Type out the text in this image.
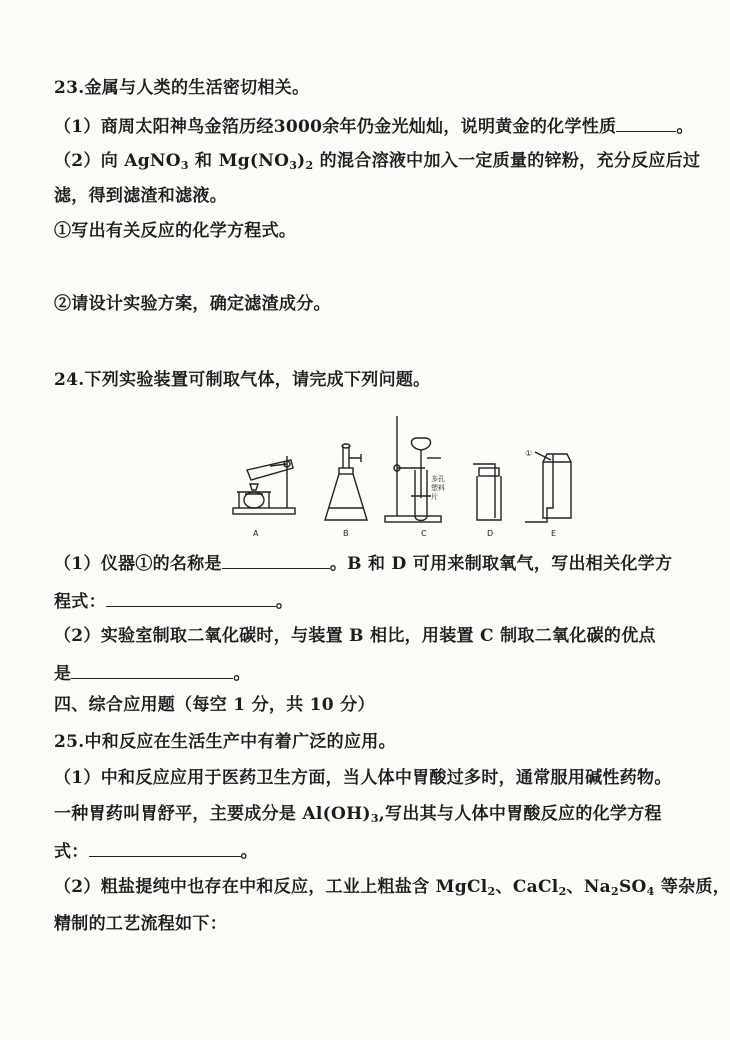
23.金属与人类的生活密切相关。
（1）商周太阳神鸟金箔历经3000余年仍金光灿灿，说明黄金的化学性质	。
（2）向 AgNO$_3$ 和 $Mg(NO_3)_2$ 的混合溶液中加入一定质量的锌粉，充分反应后过
滤，得到滤渣和滤液。
①写出有关反应的化学方程式。
②请设计实验方案，确定滤渣成分。
24.下列实验装置可制取气体，请完成下列问题。
A	B	C	D	E
多孔
塑料
片
①
（1）仪器①的名称是	。B 和 D 可用来制取氧气，写出相关化学方
程式：	。
（2）实验室制取二氧化碳时，与装置 B 相比，用装置 C 制取二氧化碳的优点
是	。
四、综合应用题（每空 1 分，共 10 分）
25.中和反应在生活生产中有着广泛的应用。
（1）中和反应应用于医药卫生方面，当人体中胃酸过多时，通常服用碱性药物。
一种胃药叫胃舒平，主要成分是 $Al(OH)_3$,写出其与人体中胃酸反应的化学方程
式：	。
（2）粗盐提纯中也存在中和反应，工业上粗盐含 MgCl$_2$、CaCl$_2$、$Na_2SO_4$ 等杂质，
精制的工艺流程如下：
